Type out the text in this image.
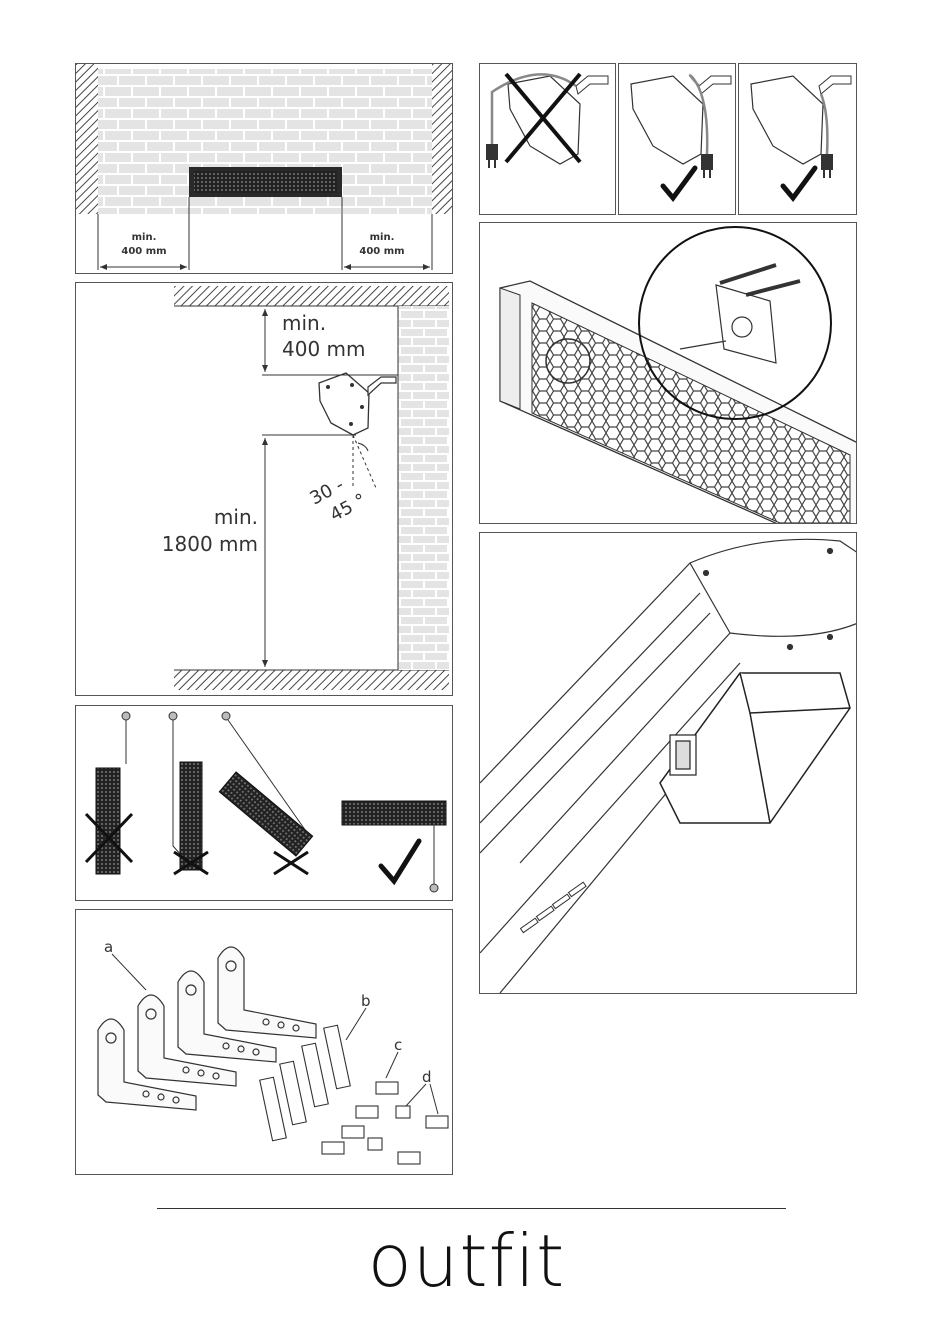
min.
400 mm
min.
400 mm
min.
400 mm
min.
1800 mm
30 -
45 °
a
b
c
d
outfit
